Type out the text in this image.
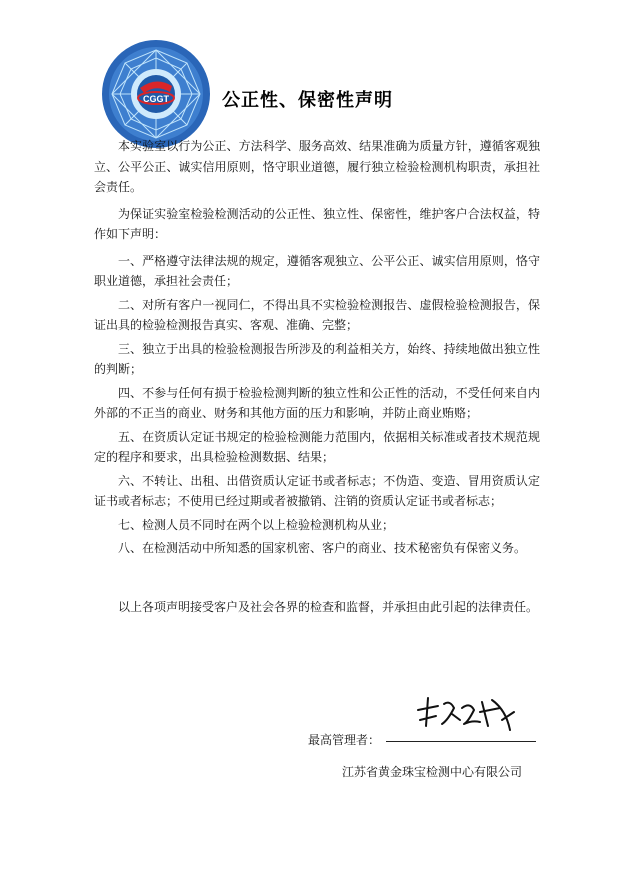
CGGT	公正性、保密性声明

本实验室以行为公正、方法科学、服务高效、结果准确为质量方针，遵循客观独立、公平公正、诚实信用原则，恪守职业道德，履行独立检验检测机构职责，承担社会责任。

为保证实验室检验检测活动的公正性、独立性、保密性，维护客户合法权益，特作如下声明：

一、严格遵守法律法规的规定，遵循客观独立、公平公正、诚实信用原则，恪守职业道德，承担社会责任；

二、对所有客户一视同仁，不得出具不实检验检测报告、虚假检验检测报告，保证出具的检验检测报告真实、客观、准确、完整；

三、独立于出具的检验检测报告所涉及的利益相关方，始终、持续地做出独立性的判断；

四、不参与任何有损于检验检测判断的独立性和公正性的活动，不受任何来自内外部的不正当的商业、财务和其他方面的压力和影响，并防止商业贿赂；

五、在资质认定证书规定的检验检测能力范围内，依据相关标准或者技术规范规定的程序和要求，出具检验检测数据、结果；

六、不转让、出租、出借资质认定证书或者标志；不伪造、变造、冒用资质认定证书或者标志；不使用已经过期或者被撤销、注销的资质认定证书或者标志；

七、检测人员不同时在两个以上检验检测机构从业；

八、在检测活动中所知悉的国家机密、客户的商业、技术秘密负有保密义务。

以上各项声明接受客户及社会各界的检查和监督，并承担由此引起的法律责任。

最高管理者：
江苏省黄金珠宝检测中心有限公司
